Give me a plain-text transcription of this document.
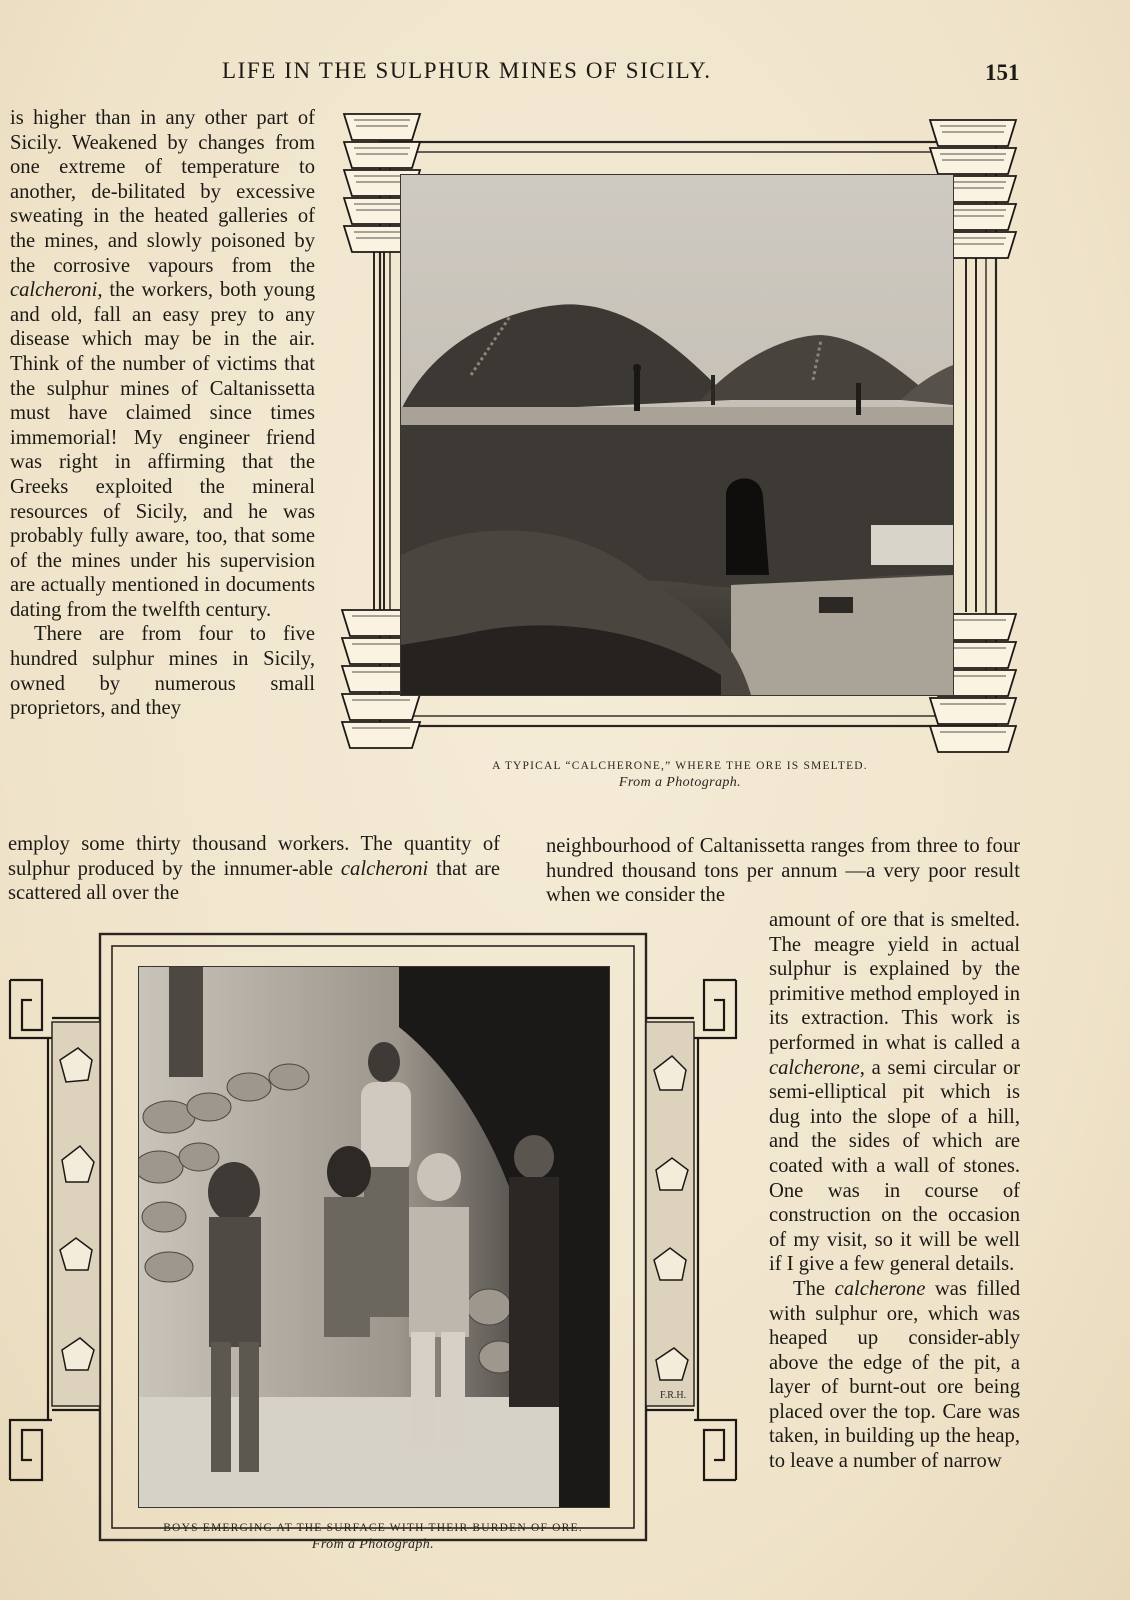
LIFE IN THE SULPHUR MINES OF SICILY.	151

is higher than in any other part of Sicily. Weakened by changes from one extreme of temperature to another, de-bilitated by excessive sweating in the heated galleries of the mines, and slowly poisoned by the corrosive vapours from the calcheroni, the workers, both young and old, fall an easy prey to any disease which may be in the air. Think of the number of victims that the sulphur mines of Caltanissetta must have claimed since times immemorial! My engineer friend was right in affirming that the Greeks exploited the mineral resources of Sicily, and he was probably fully aware, too, that some of the mines under his supervision are actually mentioned in documents dating from the twelfth century.

There are from four to five hundred sulphur mines in Sicily, owned by numerous small proprietors, and they

A TYPICAL “CALCHERONE,” WHERE THE ORE IS SMELTED.
From a Photograph.

employ some thirty thousand workers. The quantity of sulphur produced by the innumer-able calcheroni that are scattered all over the

neighbourhood of Caltanissetta ranges from three to four hundred thousand tons per annum —a very poor result when we consider the

amount of ore that is smelted. The meagre yield in actual sulphur is explained by the primitive method employed in its extraction. This work is performed in what is called a calcherone, a semi circular or semi-elliptical pit which is dug into the slope of a hill, and the sides of which are coated with a wall of stones. One was in course of construction on the occasion of my visit, so it will be well if I give a few general details.

The calcherone was filled with sulphur ore, which was heaped up consider-ably above the edge of the pit, a layer of burnt-out ore being placed over the top. Care was taken, in building up the heap, to leave a number of narrow

F.R.H.
BOYS EMERGING AT THE SURFACE WITH THEIR BURDEN OF ORE.
From a Photograph.
